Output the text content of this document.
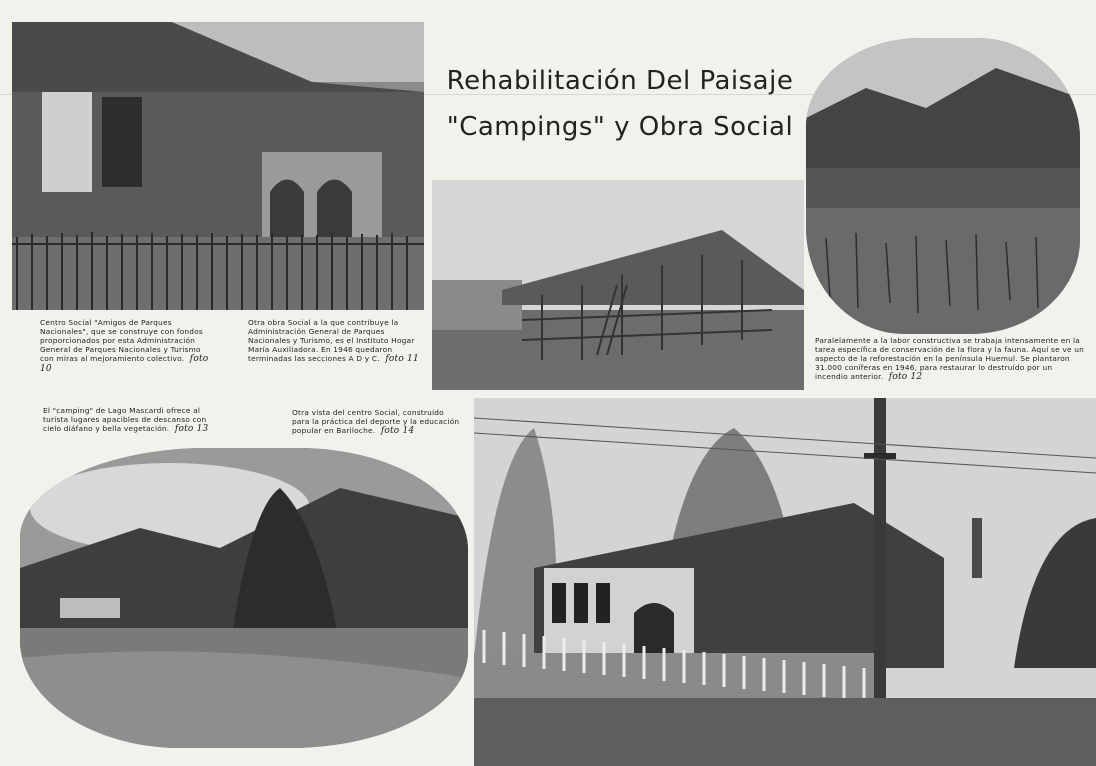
Rehabilitación Del Paisaje
"Campings" y Obra Social
Centro Social "Amigos de Parques Nacionales", que se construye con fondos proporcionados por esta Administración General de Parques Nacionales y Turismo con miras al mejoramiento colectivo. foto 10
Otra obra Social a la que contribuye la Administración General de Parques Nacionales y Turismo, es el Instituto Hogar María Auxiliadora. En 1946 quedaron terminadas las secciones A D y C. foto 11
Paralelamente a la labor constructiva se trabaja intensamente en la tarea específica de conservación de la flora y la fauna. Aquí se ve un aspecto de la reforestación en la península Huemul. Se plantaron 31.000 coníferas en 1946, para restaurar lo destruído por un incendio anterior. foto 12
El "camping" de Lago Mascardi ofrece al turista lugares apacibles de descanso con cielo diáfano y bella vegetación. foto 13
Otra vista del centro Social, construído para la práctica del deporte y la educación popular en Bariloche. foto 14
